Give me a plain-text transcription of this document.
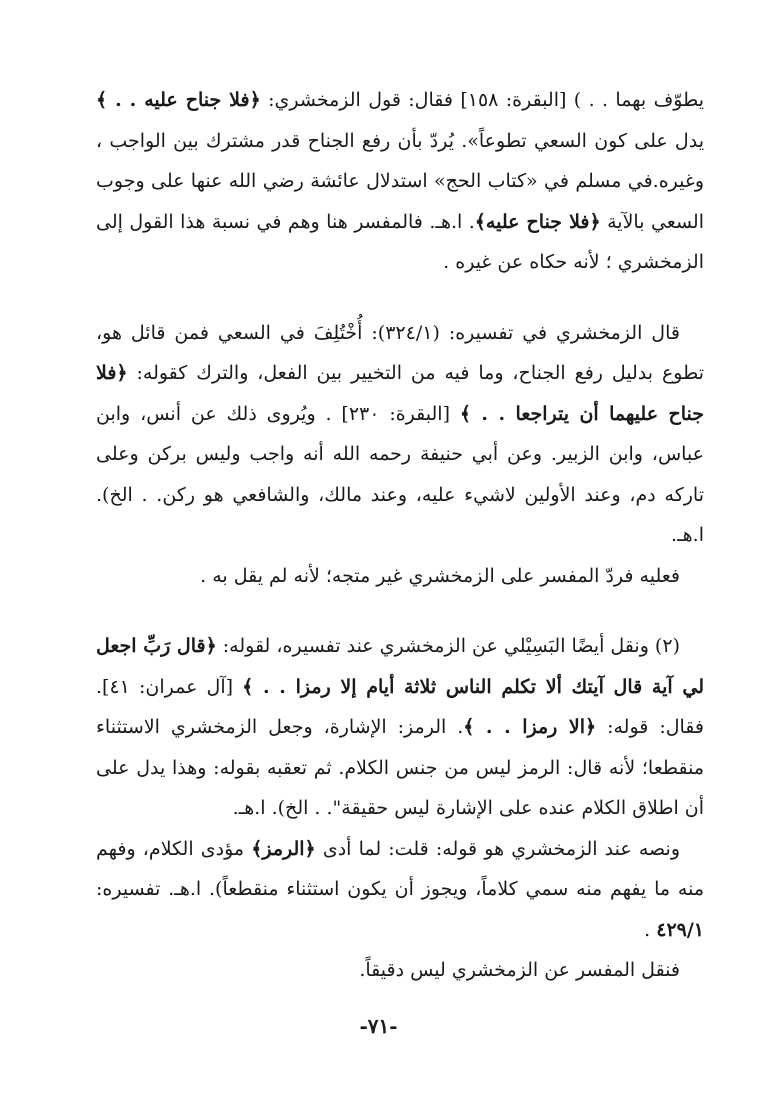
يطوّف بهما . . ) [البقرة: ١٥٨] فقال: قول الزمخشري: ﴿فلا جناح عليه . . ﴾ يدل على كون السعي تطوعاً». يُردّ بأن رفع الجناح قدر مشترك بين الواجب ، وغيره.في مسلم في «كتاب الحج» استدلال عائشة رضي الله عنها على وجوب السعي بالآية ﴿فلا جناح عليه﴾. ا.هـ. فالمفسر هنا وهم في نسبة هذا القول إلى الزمخشري ؛ لأنه حكاه عن غيره .

قال الزمخشري في تفسيره: (٣٢٤/١): أُخْتُلِفَ في السعي فمن قائل هو، تطوع بدليل رفع الجناح، وما فيه من التخيير بين الفعل، والترك كقوله: ﴿فلا جناح عليهما أن يتراجعا . . ﴾ [البقرة: ٢٣٠] . ويُروى ذلك عن أنس، وابن عباس، وابن الزبير. وعن أبي حنيفة رحمه الله أنه واجب وليس بركن وعلى تاركه دم، وعند الأولين لاشيء عليه، وعند مالك، والشافعي هو ركن. . الخ). ا.هـ.

فعليه فردّ المفسر على الزمخشري غير متجه؛ لأنه لم يقل به .

(٢) ونقل أيضًا البَسِيْلي عن الزمخشري عند تفسيره، لقوله: ﴿قال رَبِّ اجعل لي آية قال آيتك ألا تكلم الناس ثلاثة أيام إلا رمزا . . ﴾ [آل عمران: ٤١]. فقال: قوله: ﴿الا رمزا . . ﴾. الرمز: الإشارة، وجعل الزمخشري الاستثناء منقطعا؛ لأنه قال: الرمز ليس من جنس الكلام. ثم تعقبه بقوله: وهذا يدل على أن اطلاق الكلام عنده على الإشارة ليس حقيقة". . الخ). ا.هـ.

ونصه عند الزمخشري هو قوله: قلت: لما أدى ﴿الرمز﴾ مؤدى الكلام، وفهم منه ما يفهم منه سمي كلاماً، ويجوز أن يكون استثناء منقطعاً). ا.هـ. تفسيره: ٤٢٩/١ .

فنقل المفسر عن الزمخشري ليس دقيقاً.

-٧١-
